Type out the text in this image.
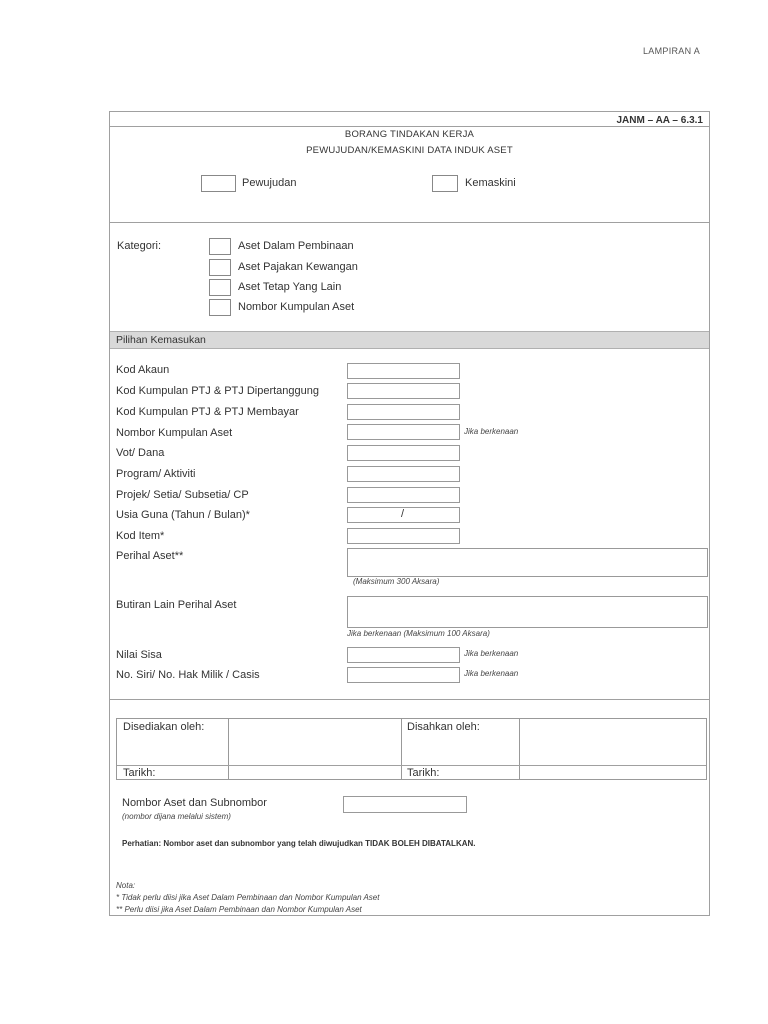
LAMPIRAN A
JANM – AA – 6.3.1
BORANG TINDAKAN KERJA
PEWUJUDAN/KEMASKINI DATA INDUK ASET
Pewujudan	Kemaskini
Kategori:	Aset Dalam Pembinaan
Aset Pajakan Kewangan
Aset Tetap Yang Lain
Nombor Kumpulan Aset
Pilihan Kemasukan
Kod Akaun
Kod Kumpulan PTJ & PTJ Dipertanggung
Kod Kumpulan PTJ & PTJ Membayar
Nombor Kumpulan Aset	Jika berkenaan
Vot/ Dana
Program/ Aktiviti
Projek/ Setia/ Subsetia/ CP
Usia Guna (Tahun / Bulan)*	/
Kod Item*
Perihal Aset**
(Maksimum 300 Aksara)
Butiran Lain Perihal Aset
Jika berkenaan (Maksimum 100 Aksara)
Nilai Sisa	Jika berkenaan
No. Siri/ No. Hak Milik / Casis	Jika berkenaan
Disediakan oleh:	Disahkan oleh:
Tarikh:	Tarikh:
Nombor Aset dan Subnombor
(nombor dijana melalui sistem)
Perhatian: Nombor aset dan subnombor yang telah diwujudkan TIDAK BOLEH DIBATALKAN.
Nota:
* Tidak perlu diisi jika Aset Dalam Pembinaan dan Nombor Kumpulan Aset
** Perlu diisi jika Aset Dalam Pembinaan dan Nombor Kumpulan Aset
